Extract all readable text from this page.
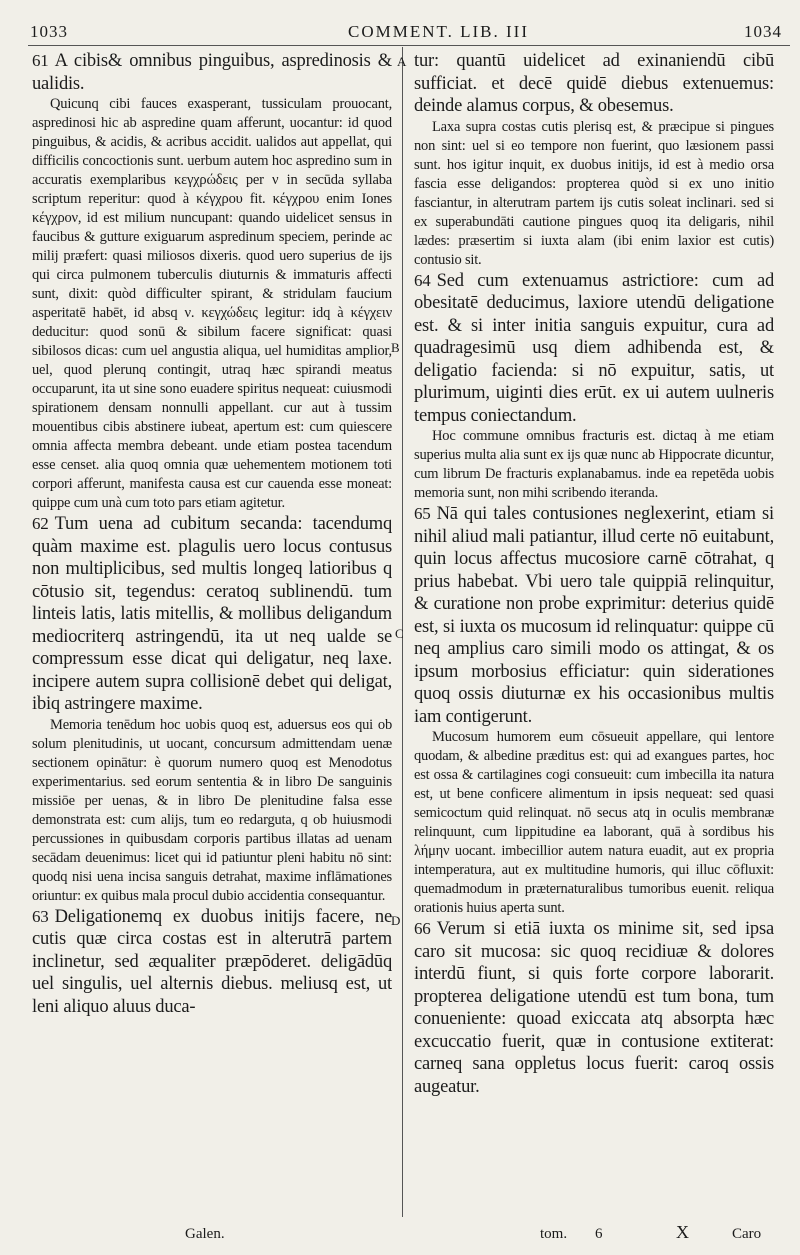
1033	COMMENT. LIB. III	1034
A
B
C
D

61 A cibis& omnibus pinguibus, aspredinosis & ualidis.

Quicunq cibi fauces exasperant, tussiculam prouocant, aspredinosi hic ab aspredine quam afferunt, uocantur: id quod pinguibus, & acidis, & acribus accidit. ualidos aut appellat, qui difficilis concoctionis sunt. uerbum autem hoc aspredino sum in accuratis exemplaribus κεγχρώδεις per ν in secūda syllaba scriptum reperitur: quod à κέγχρου fit. κέγχρου enim Iones κέγχρον, id est milium nuncupant: quando uidelicet sensus in faucibus & gutture exiguarum aspredinum speciem, perinde ac milij præfert: quasi miliosos dixeris. quod uero superius de ijs qui circa pulmonem tuberculis diuturnis & immaturis affecti sunt, dixit: quòd difficulter spirant, & stridulam faucium asperitatē habēt, id absq ν. κεγχώδεις legitur: idq à κέγχειν deducitur: quod sonū & sibilum facere significat: quasi sibilosos dicas: cum uel angustia aliqua, uel humiditas amplior, uel, quod plerunq contingit, utraq hæc spirandi meatus occuparunt, ita ut sine sono euadere spiritus nequeat: cuiusmodi spirationem densam nonnulli appellant. cur aut à tussim mouentibus cibis abstinere iubeat, apertum est: cum quiescere omnia affecta membra debeant. unde etiam postea tacendum esse censet. alia quoq omnia quæ uehementem motionem toti corpori afferunt, manifesta causa est cur cauenda esse moneat: quippe cum unà cum toto pars etiam agitetur.

62 Tum uena ad cubitum secanda: tacendumq quàm maxime est. plagulis uero locus contusus non multiplicibus, sed multis longeq latioribus q cōtusio sit, tegendus: ceratoq sublinendū. tum linteis latis, latis mitellis, & mollibus deligandum mediocriterq astringendū, ita ut neq ualde se compressum esse dicat qui deligatur, neq laxe. incipere autem supra collisionē debet qui deligat, ibiq astringere maxime.

Memoria tenēdum hoc uobis quoq est, aduersus eos qui ob solum plenitudinis, ut uocant, concursum admittendam uenæ sectionem opinātur: è quorum numero quoq est Menodotus experimentarius. sed eorum sententia & in libro De sanguinis missiōe per uenas, & in libro De plenitudine falsa esse demonstrata est: cum alijs, tum eo redarguta, q ob huiusmodi percussiones in quibusdam corporis partibus illatas ad uenam secādam deuenimus: licet qui id patiuntur pleni habitu nō sint: quodq nisi uena incisa sanguis detrahat, maxime inflāmationes oriuntur: ex quibus mala procul dubio accidentia consequantur.

63 Deligationemq ex duobus initijs facere, ne cutis quæ circa costas est in alterutrā partem inclinetur, sed æqualiter præpōderet. deligādūq uel singulis, uel alternis diebus. meliusq est, ut leni aliquo aluus duca-

tur: quantū uidelicet ad exinaniendū cibū sufficiat. et decē quidē diebus extenuemus: deinde alamus corpus, & obesemus.

Laxa supra costas cutis plerisq est, & præcipue si pingues non sint: uel si eo tempore non fuerint, quo læsionem passi sunt. hos igitur inquit, ex duobus initijs, id est à medio orsa fascia esse deligandos: propterea quòd si ex uno initio fasciantur, in alterutram partem ijs cutis soleat inclinari. sed si ex superabundāti cautione pingues quoq ita deligaris, nihil lædes: præsertim si iuxta alam (ibi enim laxior est cutis) contusio sit.

64 Sed cum extenuamus astrictiore: cum ad obesitatē deducimus, laxiore utendū deligatione est. & si inter initia sanguis expuitur, cura ad quadragesimū usq diem adhibenda est, & deligatio facienda: si nō expuitur, satis, ut plurimum, uiginti dies erūt. ex ui autem uulneris tempus coniectandum.

Hoc commune omnibus fracturis est. dictaq à me etiam superius multa alia sunt ex ijs quæ nunc ab Hippocrate dicuntur, cum librum De fracturis explanabamus. inde ea repetēda uobis memoria sunt, non mihi scribendo iteranda.

65 Nā qui tales contusiones neglexerint, etiam si nihil aliud mali patiantur, illud certe nō euitabunt, quin locus affectus mucosiore carnē cōtrahat, q prius habebat. Vbi uero tale quippiā relinquitur, & curatione non probe exprimitur: deterius quidē est, si iuxta os mucosum id relinquatur: quippe cū neq amplius caro simili modo os attingat, & os ipsum morbosius efficiatur: quin siderationes quoq ossis diuturnæ ex his occasionibus multis iam contigerunt.

Mucosum humorem eum cōsueuit appellare, qui lentore quodam, & albedine præditus est: qui ad exangues partes, hoc est ossa & cartilagines cogi consueuit: cum imbecilla ita natura est, ut bene conficere alimentum in ipsis nequeat: sed quasi semicoctum quid relinquat. nō secus atq in oculis membranæ relinquunt, cum lippitudine ea laborant, quā à sordibus his λήμην uocant. imbecillior autem natura euadit, aut ex propria intemperatura, aut ex multitudine humoris, qui illuc cōfluxit: quemadmodum in præternaturalibus tumoribus euenit. reliqua orationis huius aperta sunt.

66 Verum si etiā iuxta os minime sit, sed ipsa caro sit mucosa: sic quoq recidiuæ & dolores interdū fiunt, si quis forte corpore laborarit. propterea deligatione utendū est tum bona, tum conueniente: quoad exiccata atq absorpta hæc excuccatio fuerit, quæ in contusione extiterat: carneq sana oppletus locus fuerit: caroq ossis augeatur.

Galen.	tom. 6	X	Caro
